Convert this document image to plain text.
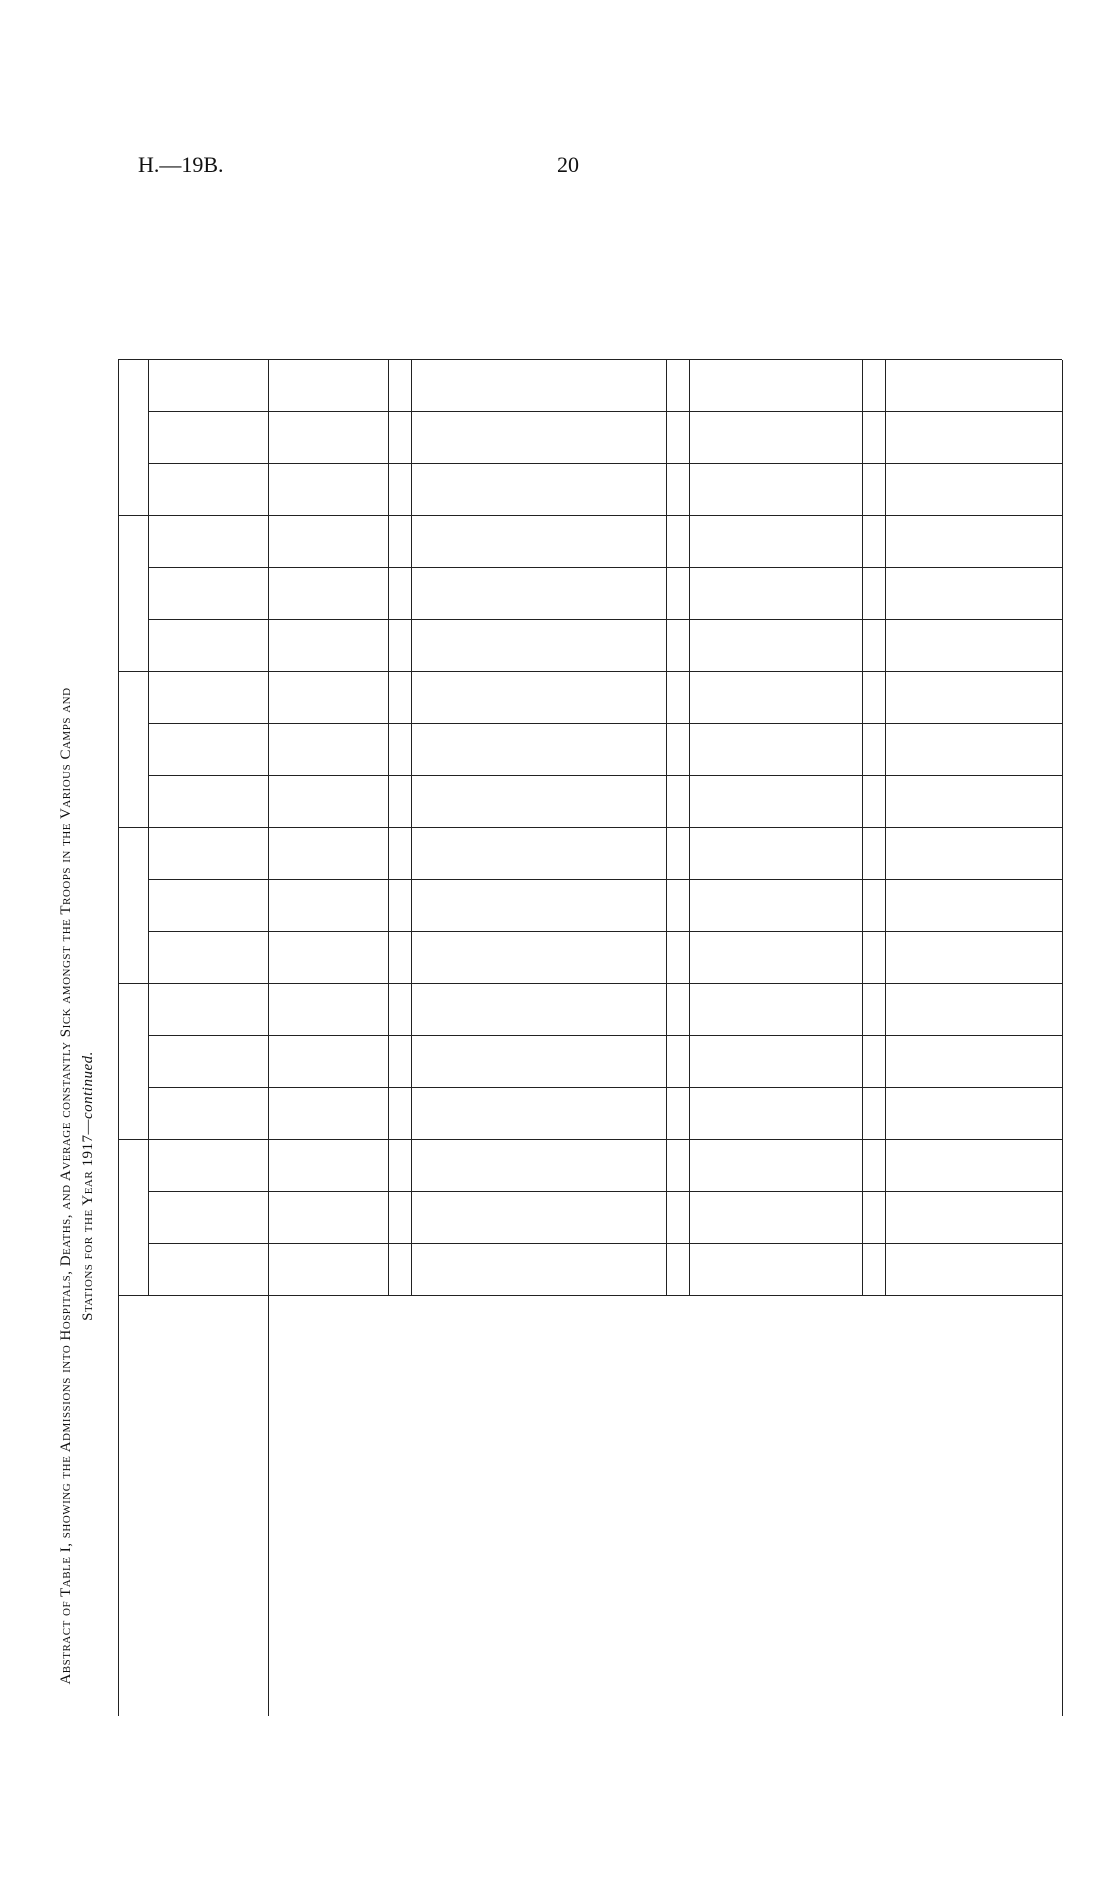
H.—19B.	20
Abstract of Table I, showing the Admissions into Hospitals, Deaths, and Average constantly Sick amongst the Troops in the Various Camps and Stations for the Year 1917—continued.
